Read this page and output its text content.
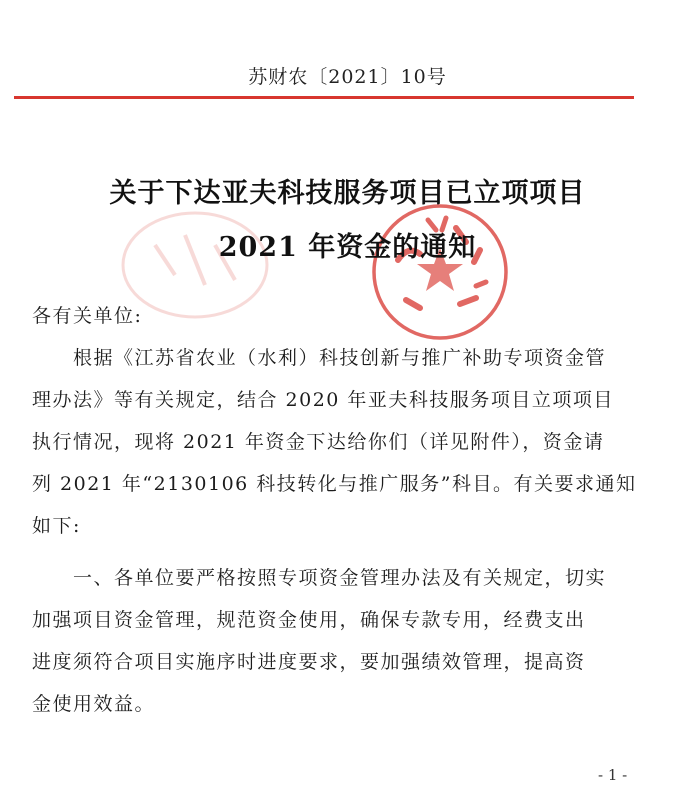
苏财农〔2021〕10号
关于下达亚夫科技服务项目已立项项目
2021 年资金的通知
各有关单位:
　　根据《江苏省农业（水利）科技创新与推广补助专项资金管
理办法》等有关规定，结合 2020 年亚夫科技服务项目立项项目
执行情况，现将 2021 年资金下达给你们（详见附件），资金请
列 2021 年“2130106 科技转化与推广服务”科目。有关要求通知
如下:
　　一、各单位要严格按照专项资金管理办法及有关规定，切实
加强项目资金管理，规范资金使用，确保专款专用，经费支出
进度须符合项目实施序时进度要求，要加强绩效管理，提高资
金使用效益。
- 1 -
